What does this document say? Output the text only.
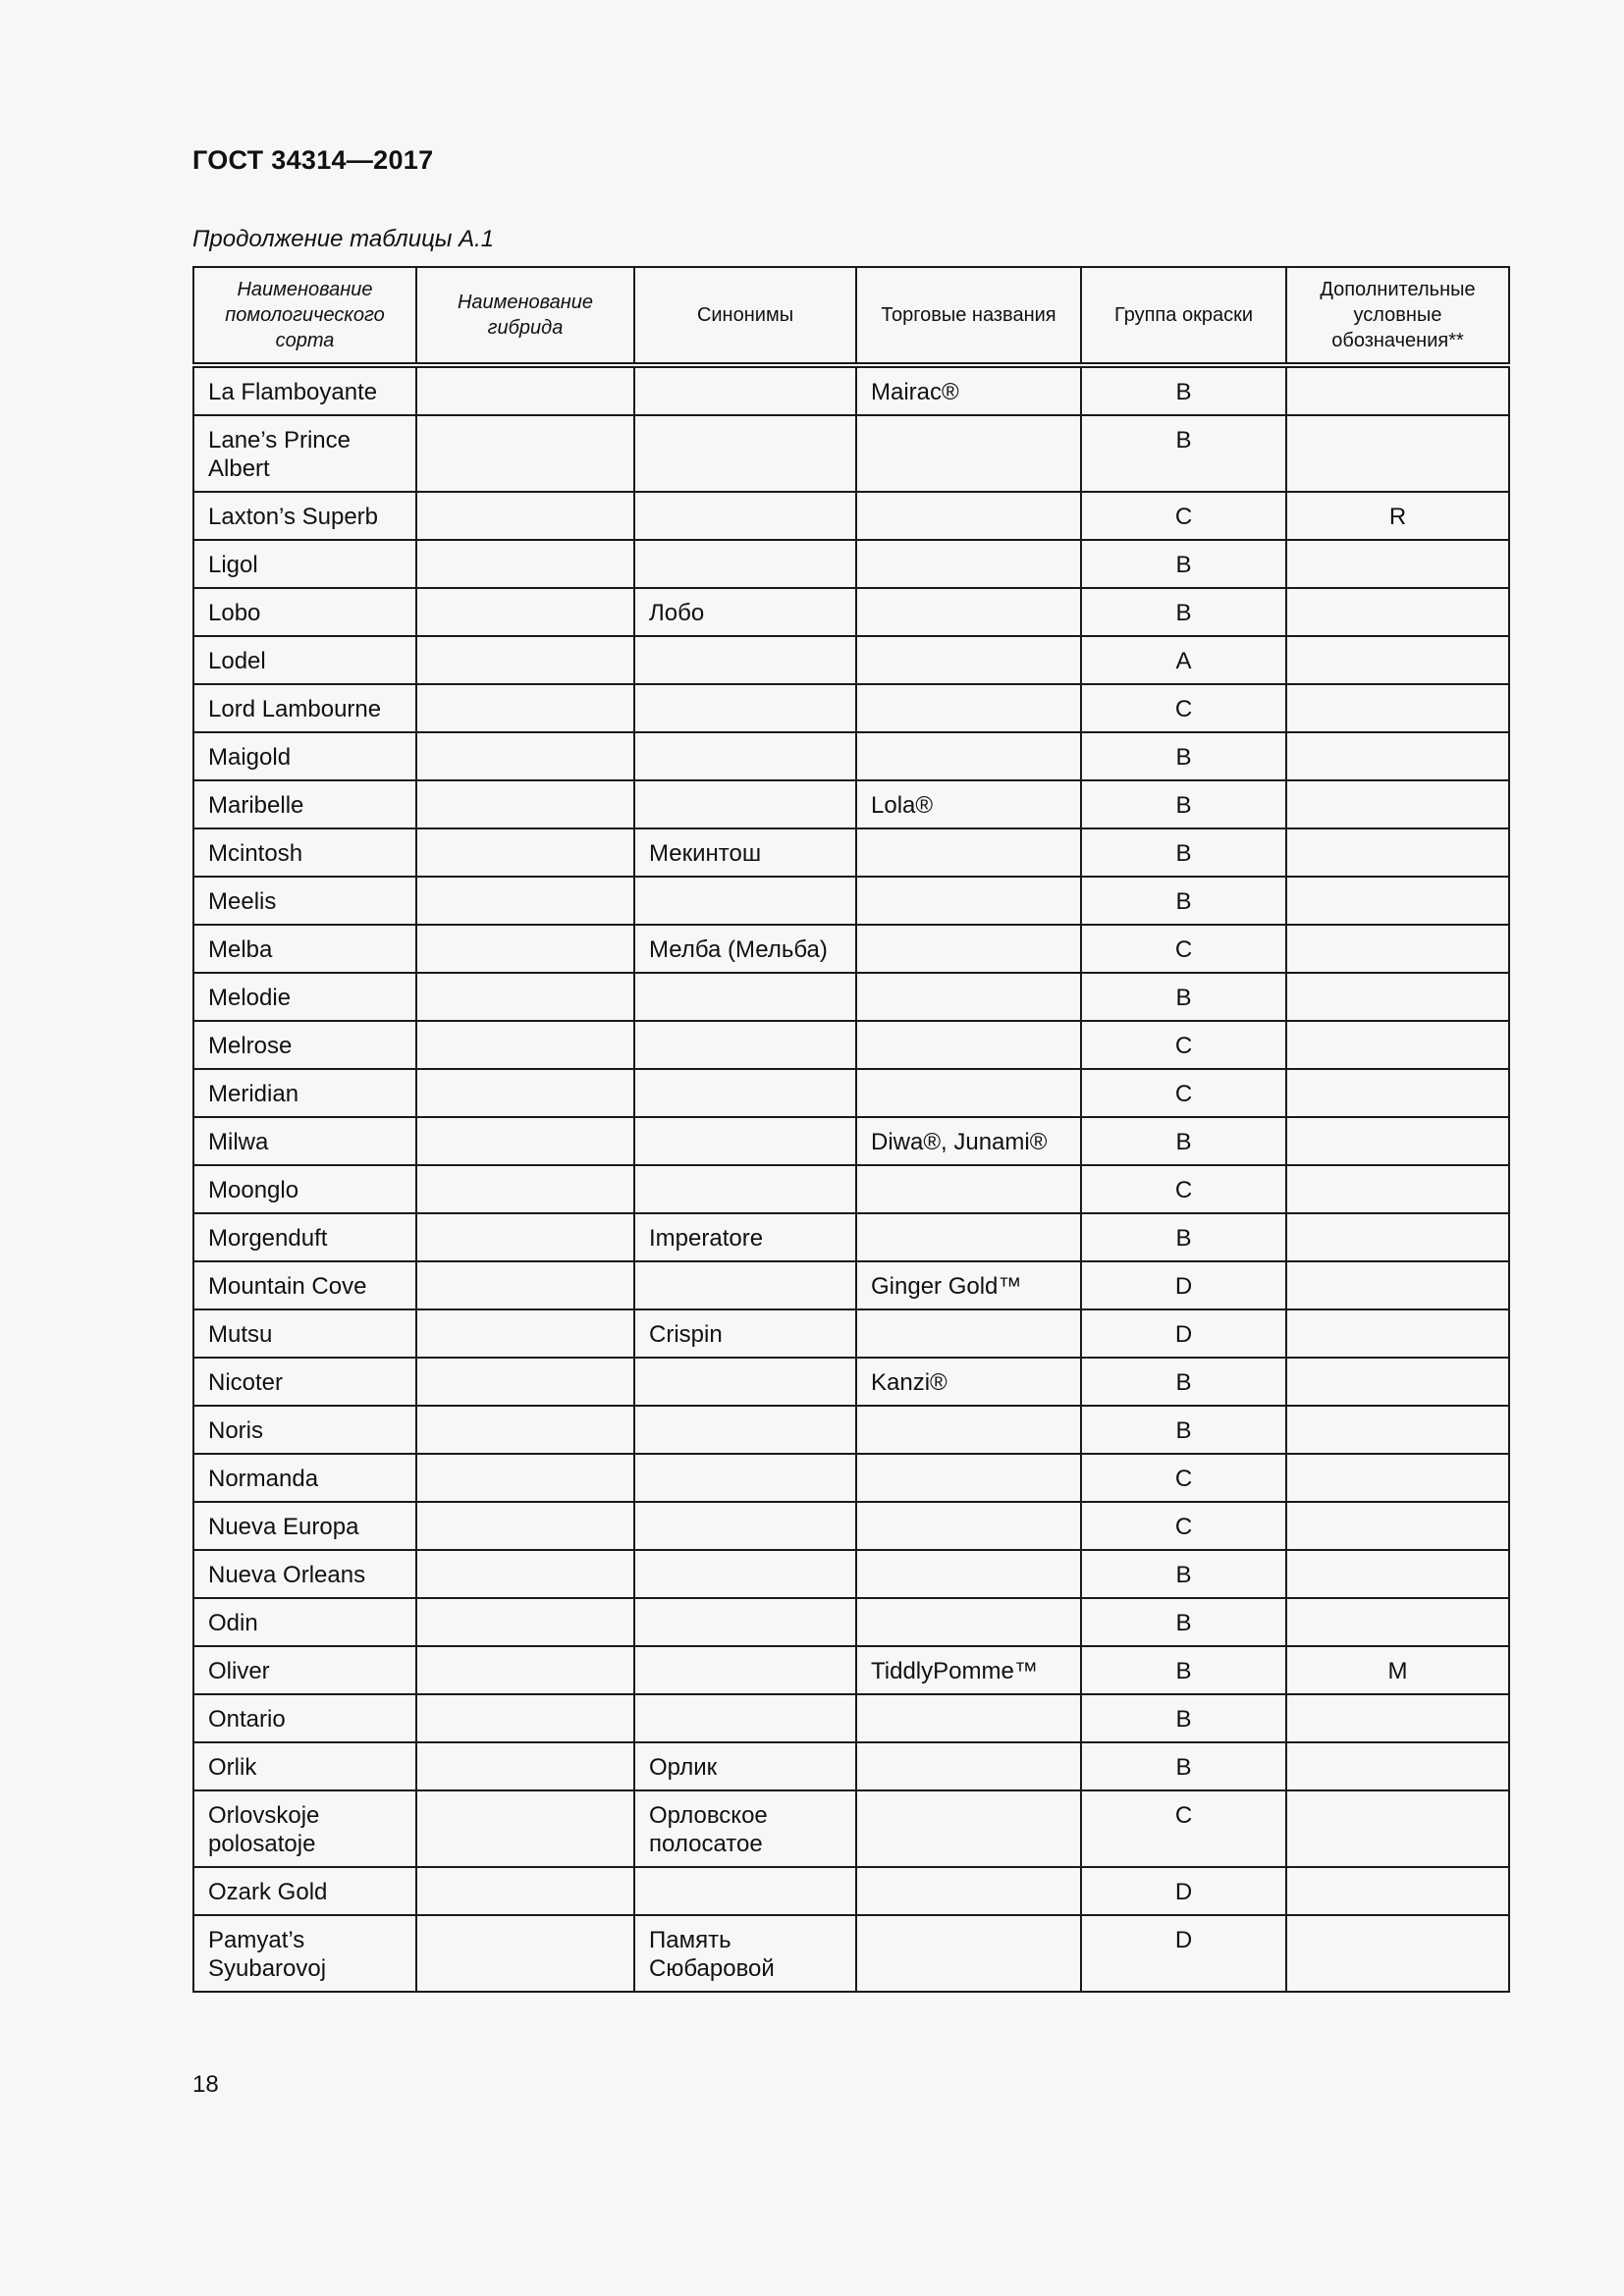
ГОСТ 34314—2017
Продолжение таблицы А.1
Наименование помологического сорта	Наименование гибрида	Синонимы	Торговые названия	Группа окраски	Дополнительные условные обозначения**
La Flamboyante			Mairac®	B	
Lane’s Prince Albert				B	
Laxton’s Superb				C	R
Ligol				B	
Lobo		Лобо		B	
Lodel				A	
Lord Lambourne				C	
Maigold				B	
Maribelle			Lola®	B	
Mcintosh		Мекинтош		B	
Meelis				B	
Melba		Мелба (Мельба)		C	
Melodie				B	
Melrose				C	
Meridian				C	
Milwa			Diwa®, Junami®	B	
Moonglo				C	
Morgenduft		Imperatore		B	
Mountain Cove			Ginger Gold™	D	
Mutsu		Crispin		D	
Nicoter			Kanzi®	B	
Noris				B	
Normanda				C	
Nueva Europa				C	
Nueva Orleans				B	
Odin				B	
Oliver			TiddlyPomme™	B	M
Ontario				B	
Orlik		Орлик		B	
Orlovskoje polosatoje		Орловское полосатое		C	
Ozark Gold				D	
Pamyat’s Syubarovoj		Память Сюбаровой		D	
18
